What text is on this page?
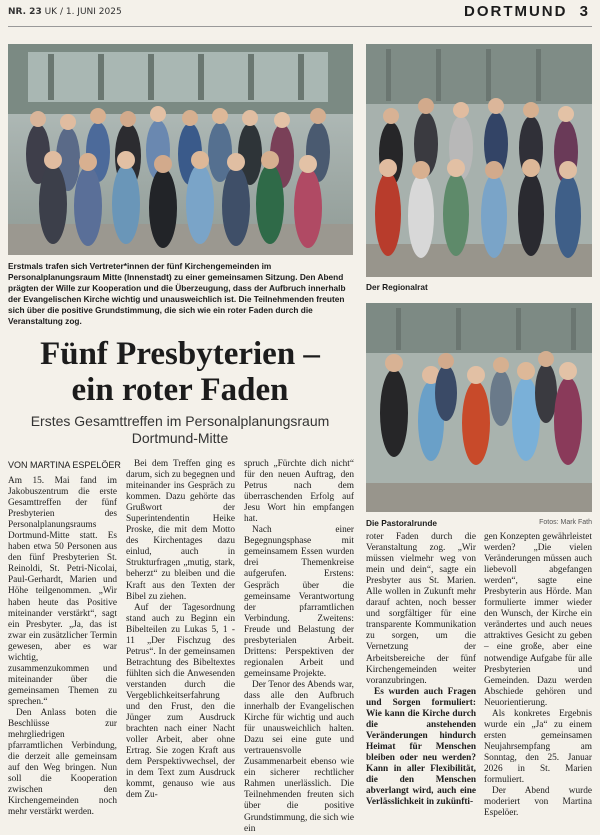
NR. 23 UK / 1. JUNI 2025	DORTMUND 3
Erstmals trafen sich Vertreter*innen der fünf Kirchengemeinden im Personalplanungsraum Mitte (Innenstadt) zu einer gemeinsamen Sitzung. Den Abend prägten der Wille zur Kooperation und die Überzeugung, dass der Aufbruch innerhalb der Evangelischen Kirche wichtig und unausweichlich ist. Die Teilnehmenden freuten sich über die positive Grundstimmung, die sich wie ein roter Faden durch die Veranstaltung zog.
Der Regionalrat
Die Pastoralrunde	Fotos: Mark Fath
Fünf Presbyterien –
ein roter Faden
Erstes Gesamttreffen im Personalplanungsraum
Dortmund-Mitte
VON MARTINA ESPELÖER

Am 15. Mai fand im Jakobuszentrum die erste Gesamttreffen der fünf Presbyterien des Personalplanungsraums Dortmund-Mitte statt. Es haben etwa 50 Personen aus den fünf Presbyterien St. Reinoldi, St. Petri-Nicolai, Paul-Gerhardt, Marien und Höhe teilgenommen. „Wir haben heute das Positive miteinander verstärkt“, sagt ein Presbyter. „Ja, das ist zwar ein zusätzlicher Termin gewesen, aber es war wichtig, zusammenzukommen und miteinander über die gemeinsamen Themen zu sprechen.“

Den Anlass boten die Beschlüsse zur mehrgliedrigen pfarramtlichen Verbindung, die derzeit alle gemeinsam auf den Weg bringen. Nun soll die Kooperation zwischen den Kirchengemeinden noch mehr verstärkt werden.

Bei dem Treffen ging es darum, sich zu begegnen und miteinander ins Gespräch zu kommen. Dazu gehörte das Grußwort der Superintendentin Heike Proske, die mit dem Motto des Kirchentages dazu einlud, auch in Strukturfragen „mutig, stark, beherzt“ zu bleiben und die Kraft aus den Texten der Bibel zu ziehen.

Auf der Tagesordnung stand auch zu Beginn ein Bibelteilen zu Lukas 5, 1 - 11 „Der Fischzug des Petrus“. In der gemeinsamen Betrachtung des Bibeltextes fühlten sich die Anwesenden verstanden durch die Vergeblichkeitserfahrung und den Frust, den die Jünger zum Ausdruck brachten nach einer Nacht voller Arbeit, aber ohne Ertrag. Sie zogen Kraft aus dem Perspektivwechsel, der in dem Text zum Ausdruck kommt, genauso wie aus dem Zu-

spruch „Fürchte dich nicht“ für den neuen Auftrag, den Petrus nach dem überraschenden Erfolg auf Jesu Wort hin empfangen hat.

Nach einer Begegnungsphase mit gemeinsamem Essen wurden drei Themenkreise aufgerufen. Erstens: Gespräch über die gemeinsame Verantwortung der pfarramtlichen Verbindung. Zweitens: Freude und Belastung der presbyterialen Arbeit. Drittens: Perspektiven der regionalen Arbeit und gemeinsame Projekte.

Der Tenor des Abends war, dass alle den Aufbruch innerhalb der Evangelischen Kirche für wichtig und auch für unausweichlich halten. Dazu sei eine gute und vertrauensvolle Zusammenarbeit ebenso wie ein sicherer rechtlicher Rahmen unerlässlich. Die Teilnehmenden freuten sich über die positive Grundstimmung, die sich wie ein

roter Faden durch die Veranstaltung zog. „Wir müssen vielmehr weg von mein und dein“, sagte ein Presbyter aus St. Marien. Alle wollen in Zukunft mehr darauf achten, noch besser und sorgfältiger für eine transparente Kommunikation zu sorgen, um die Vernetzung der Arbeitsbereiche der fünf Kirchengemeinden weiter voranzubringen.

Es wurden auch Fragen und Sorgen formuliert: Wie kann die Kirche durch die anstehenden Veränderungen hindurch Heimat für Menschen bleiben oder neu werden? Kann in aller Flexibilität, die den Menschen abverlangt wird, auch eine Verlässlichkeit in zukünfti-

gen Konzepten gewährleistet werden? „Die vielen Veränderungen müssen auch liebevoll abgefangen werden“, sagte eine Presbyterin aus Hörde. Man formulierte immer wieder den Wunsch, der Kirche ein verändertes und auch neues attraktives Gesicht zu geben – eine große, aber eine notwendige Aufgabe für alle Presbyterien und Gemeinden. Dazu werden Abschiede gehören und Neuorientierung.

Als konkretes Ergebnis wurde ein „Ja“ zu einem ersten gemeinsamen Neujahrsempfang am Sonntag, den 25. Januar 2026 in St. Marien formuliert.

Der Abend wurde moderiert von Martina Espelöer.
